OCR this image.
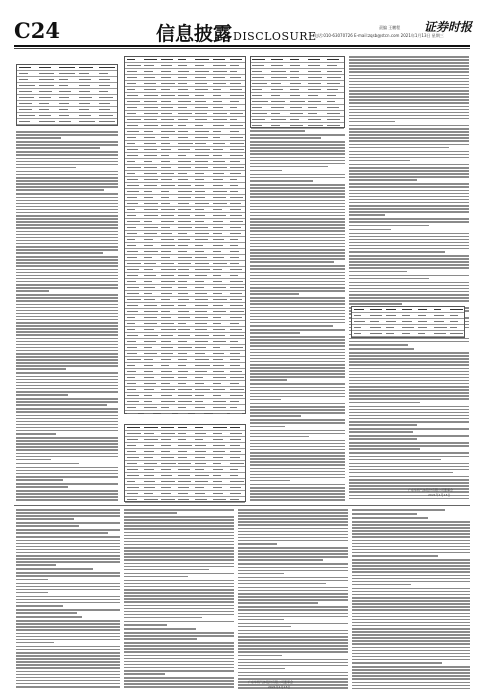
C24	信息披露DISCLOSURE
责编 王鹏程
电话:010-63070726 E-mail:zqsb@stcn.com 2021年1月13日 星期三
证券时报
广东华特气体股份有限公司董事会
2021年1月13日
广东华特气体股份有限公司董事会
2021年1月13日
